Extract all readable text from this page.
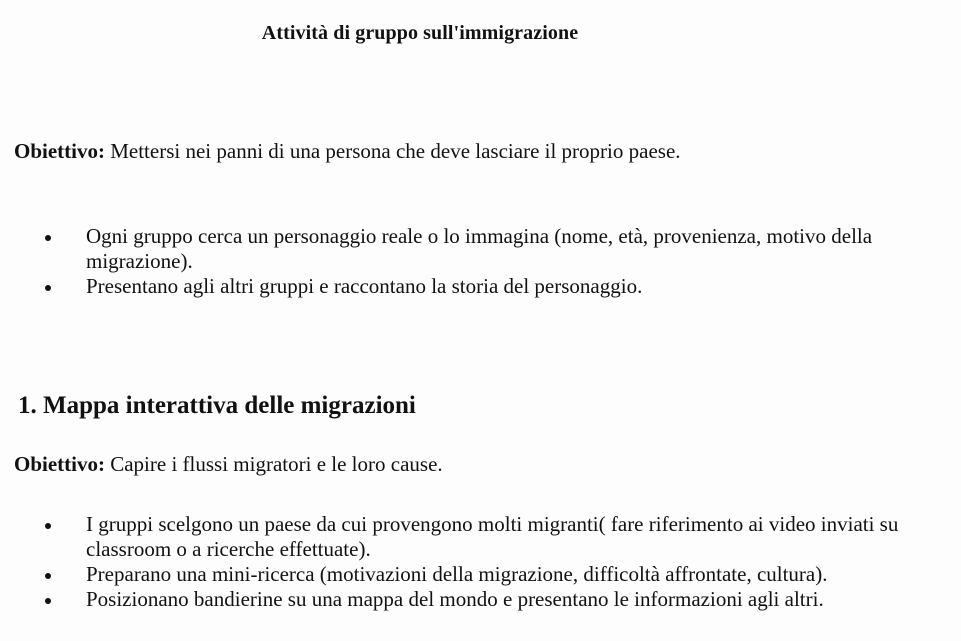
Attività di gruppo sull'immigrazione
Obiettivo: Mettersi nei panni di una persona che deve lasciare il proprio paese.
Ogni gruppo cerca un personaggio reale o lo immagina (nome, età, provenienza, motivo della migrazione).
Presentano agli altri gruppi e raccontano la storia del personaggio.
1. Mappa interattiva delle migrazioni
Obiettivo: Capire i flussi migratori e le loro cause.
I gruppi scelgono un paese da cui provengono molti migranti( fare riferimento ai video inviati su classroom o a ricerche effettuate).
Preparano una mini-ricerca (motivazioni della migrazione, difficoltà affrontate, cultura).
Posizionano bandierine su una mappa del mondo e presentano le informazioni agli altri.
